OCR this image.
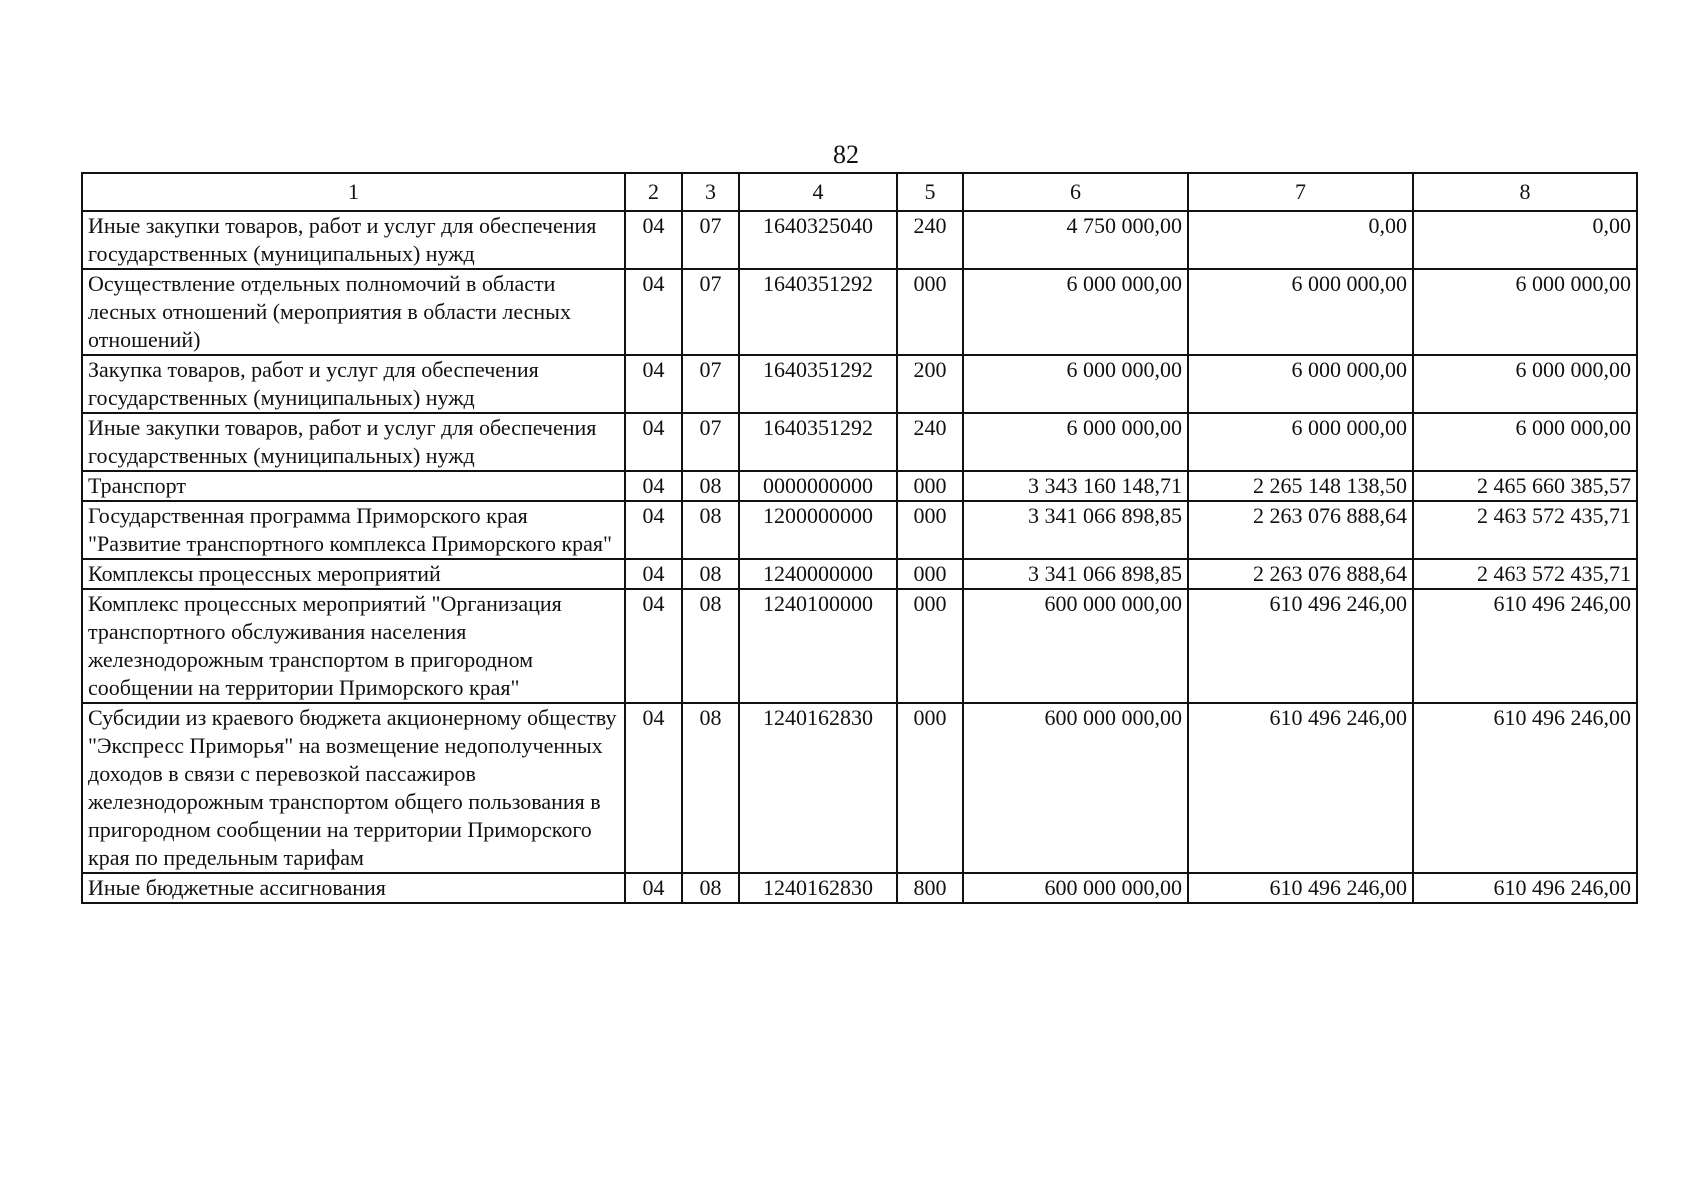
82
1	2	3	4	5	6	7	8
Иные закупки товаров, работ и услуг для обеспечения государственных (муниципальных) нужд	04	07	1640325040	240	4 750 000,00	0,00	0,00
Осуществление отдельных полномочий в области лесных отношений (мероприятия в области лесных отношений)	04	07	1640351292	000	6 000 000,00	6 000 000,00	6 000 000,00
Закупка товаров, работ и услуг для обеспечения государственных (муниципальных) нужд	04	07	1640351292	200	6 000 000,00	6 000 000,00	6 000 000,00
Иные закупки товаров, работ и услуг для обеспечения государственных (муниципальных) нужд	04	07	1640351292	240	6 000 000,00	6 000 000,00	6 000 000,00
Транспорт	04	08	0000000000	000	3 343 160 148,71	2 265 148 138,50	2 465 660 385,57
Государственная программа Приморского края "Развитие транспортного комплекса Приморского края"	04	08	1200000000	000	3 341 066 898,85	2 263 076 888,64	2 463 572 435,71
Комплексы процессных мероприятий	04	08	1240000000	000	3 341 066 898,85	2 263 076 888,64	2 463 572 435,71
Комплекс процессных мероприятий "Организация транспортного обслуживания населения железнодорожным транспортом в пригородном сообщении на территории Приморского края"	04	08	1240100000	000	600 000 000,00	610 496 246,00	610 496 246,00
Субсидии из краевого бюджета акционерному обществу "Экспресс Приморья" на возмещение недополученных доходов в связи с перевозкой пассажиров железнодорожным транспортом общего пользования в пригородном сообщении на территории Приморского края по предельным тарифам	04	08	1240162830	000	600 000 000,00	610 496 246,00	610 496 246,00
Иные бюджетные ассигнования	04	08	1240162830	800	600 000 000,00	610 496 246,00	610 496 246,00
